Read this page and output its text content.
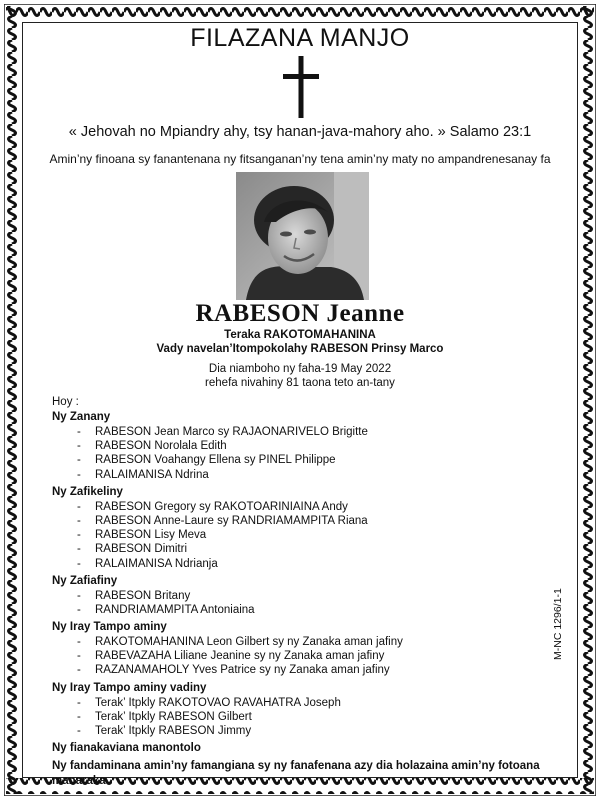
FILAZANA MANJO
« Jehovah no Mpiandry ahy, tsy hanan-java-mahory aho. » Salamo 23:1
Amin’ny finoana sy fanantenana ny fitsanganan’ny tena amin’ny maty no ampandrenesanay fa
RABESON Jeanne
Teraka RAKOTOMAHANINA
Vady navelan’Itompokolahy RABESON Prinsy Marco
Dia niamboho ny faha-19 May 2022
rehefa nivahiny 81 taona teto an-tany
Hoy :
Ny Zanany
- RABESON Jean Marco sy RAJAONARIVELO Brigitte
- RABESON Norolala Edith
- RABESON Voahangy Ellena sy PINEL Philippe
- RALAIMANISA Ndrina
Ny Zafikeliny
- RABESON Gregory sy RAKOTOARINIAINA Andy
- RABESON Anne-Laure sy RANDRIAMAMPITA Riana
- RABESON Lisy Meva
- RABESON Dimitri
- RALAIMANISA Ndrianja
Ny Zafiafiny
- RABESON Britany
- RANDRIAMAMPITA Antoniaina
Ny Iray Tampo aminy
- RAKOTOMAHANINA Leon Gilbert sy ny Zanaka aman jafiny
- RABEVAZAHA Liliane Jeanine sy ny Zanaka aman jafiny
- RAZANAMAHOLY Yves Patrice sy ny Zanaka aman jafiny
Ny Iray Tampo aminy vadiny
- Terak’ Itpkly RAKOTOVAO RAVAHATRA Joseph
- Terak’ Itpkly RABESON Gilbert
- Terak’ Itpkly RABESON Jimmy
Ny fianakaviana manontolo
Ny fandaminana amin’ny famangiana sy ny fanafenana azy dia holazaina amin’ny fotoana manaraka.
M-NC 1296/1-1
